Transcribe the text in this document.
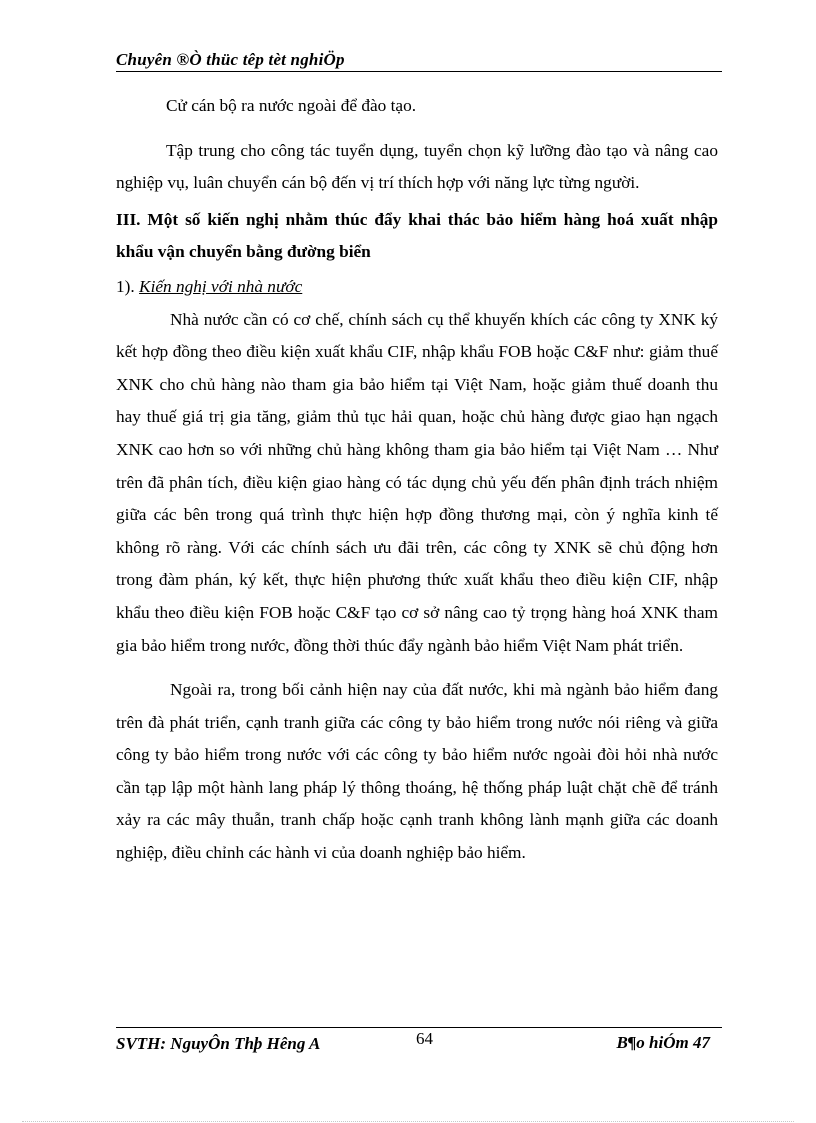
Chuyên ®Ò thüc têp tèt nghiÖp

Cử cán bộ ra nước ngoài để đào tạo.

Tập trung cho công tác tuyển dụng, tuyển chọn kỹ lưỡng đào tạo và nâng cao nghiệp vụ, luân chuyển cán bộ đến vị trí thích hợp với năng lực từng người.

III. Một số kiến nghị nhằm thúc đẩy khai thác bảo hiểm hàng hoá xuất nhập khẩu vận chuyển bằng đường biển

1). Kiến nghị với nhà nước

Nhà nước cần có cơ chế, chính sách cụ thể khuyến khích các công ty XNK ký kết hợp đồng theo điều kiện xuất khẩu CIF, nhập khẩu FOB hoặc C&F như: giảm thuế XNK cho chủ hàng nào tham gia bảo hiểm tại Việt Nam, hoặc giảm thuế doanh thu hay thuế giá trị gia tăng, giảm thủ tục hải quan, hoặc chủ hàng được giao hạn ngạch XNK cao hơn so với những chủ hàng không tham gia bảo hiểm tại Việt Nam … Như trên đã phân tích, điều kiện giao hàng có tác dụng chủ yếu đến phân định trách nhiệm giữa các bên trong quá trình thực hiện hợp đồng thương mại, còn ý nghĩa kinh tế không rõ ràng. Với các chính sách ưu đãi trên, các công ty XNK sẽ chủ động hơn trong đàm phán, ký kết, thực hiện phương thức xuất khẩu theo điều kiện CIF, nhập khẩu theo điều kiện FOB hoặc C&F tạo cơ sở nâng cao tỷ trọng hàng hoá XNK tham gia bảo hiểm trong nước, đồng thời thúc đẩy ngành bảo hiểm Việt Nam phát triển.

Ngoài ra, trong bối cảnh hiện nay của đất nước, khi mà ngành bảo hiểm đang trên đà phát triển, cạnh tranh giữa các công ty bảo hiểm trong nước nói riêng và giữa công ty bảo hiểm trong nước với các công ty bảo hiểm nước ngoài đòi hỏi nhà nước cần tạp lập một hành lang pháp lý thông thoáng, hệ thống pháp luật chặt chẽ để tránh xảy ra các mây thuẫn, tranh chấp hoặc cạnh tranh không lành mạnh giữa các doanh nghiệp, điều chỉnh các hành vi của doanh nghiệp bảo hiểm.

SVTH: NguyÔn Thþ Hêng A	64	B¶o hiÓm 47
